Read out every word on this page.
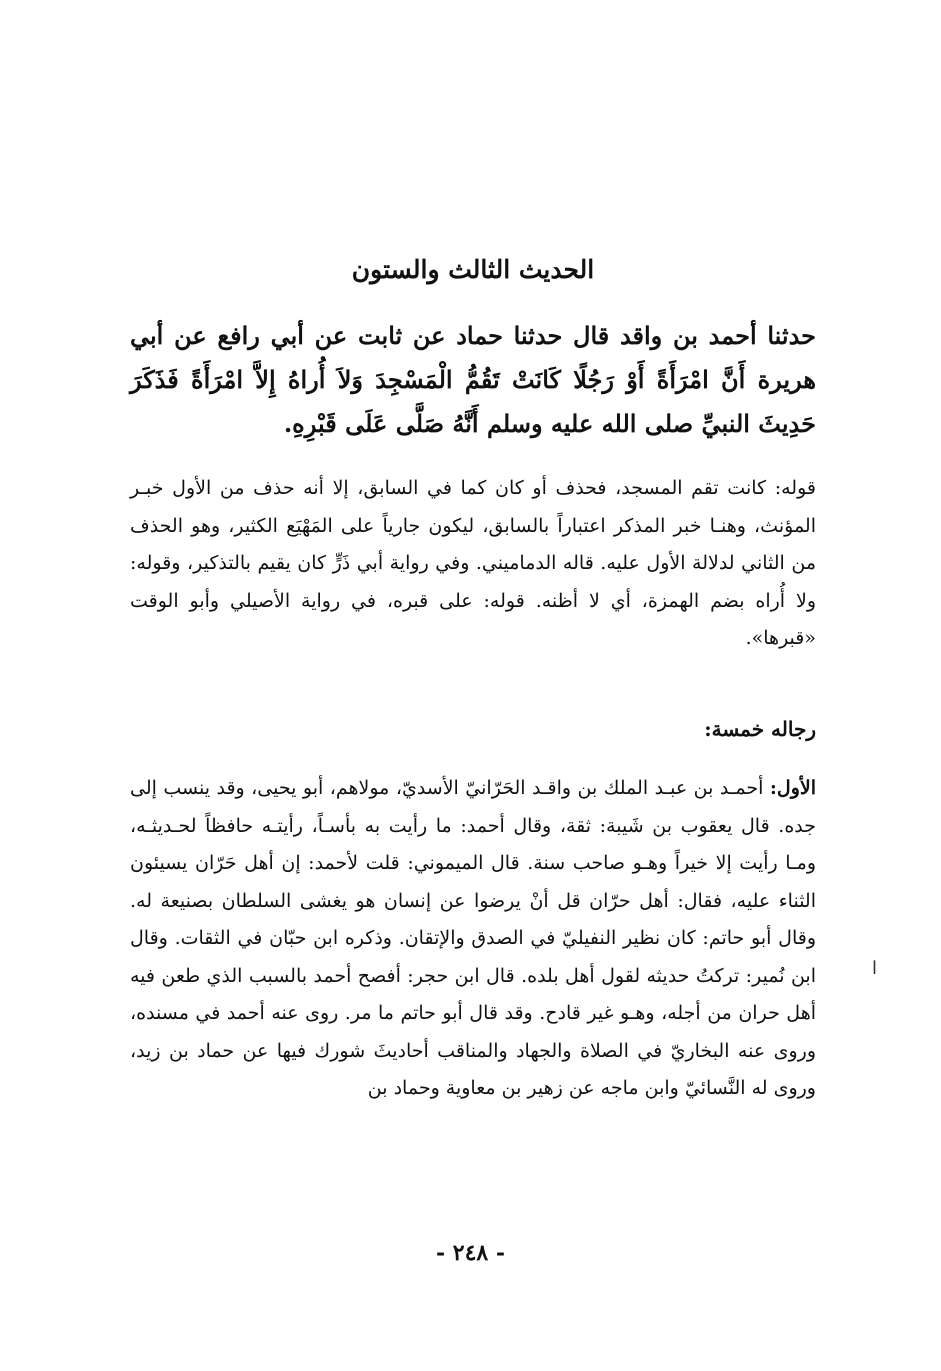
الحديث الثالث والستون
حدثنا أحمد بن واقد قال حدثنا حماد عن ثابت عن أبي رافع عن أبي هريرة أَنَّ امْرَأَةً أَوْ رَجُلًا كَانَتْ تَقُمُّ الْمَسْجِدَ وَلاَ أُراهُ إِلاَّ امْرَأَةً فَذَكَرَ حَدِيثَ النبيِّ صلى الله عليه وسلم أَنَّهُ صَلَّى عَلَى قَبْرِهِ.
قوله: كانت تقم المسجد، فحذف أو كان كما في السابق، إلا أنه حذف من الأول خبـر المؤنث، وهنـا خبر المذكر اعتباراً بالسابق، ليكون جارياً على المَهْيَع الكثير، وهو الحذف من الثاني لدلالة الأول عليه. قاله الدماميني. وفي رواية أبي ذَرٍّ كان يقيم بالتذكير، وقوله: ولا أُراه بضم الهمزة، أي لا أظنه. قوله: على قبره، في رواية الأصيلي وأبو الوقت «قبرها».
رجاله خمسة:
الأول: أحمـد بن عبـد الملك بن واقـد الحَرّانيّ الأسديّ، مولاهم، أبو يحيى، وقد ينسب إلى جده. قال يعقوب بن شَيبة: ثقة، وقال أحمد: ما رأيت به بأسـاً، رأيتـه حافظاً لحـديثـه، ومـا رأيت إلا خيراً وهـو صاحب سنة. قال الميموني: قلت لأحمد: إن أهل حَرّان يسيئون الثناء عليه، فقال: أهل حرّان قل أنْ يرضوا عن إنسان هو يغشى السلطان بصنيعة له. وقال أبو حاتم: كان نظير النفيليّ في الصدق والإتقان. وذكره ابن حبّان في الثقات. وقال ابن نُمير: تركتُ حديثه لقول أهل بلده. قال ابن حجر: أفصح أحمد بالسبب الذي طعن فيه أهل حران من أجله، وهـو غير قادح. وقد قال أبو حاتم ما مر. روى عنه أحمد في مسنده، وروى عنه البخاريّ في الصلاة والجهاد والمناقب أحاديثَ شورك فيها عن حماد بن زيد، وروى له النَّسائيّ وابن ماجه عن زهير بن معاوية وحماد بن
ا
- ٢٤٨ -
